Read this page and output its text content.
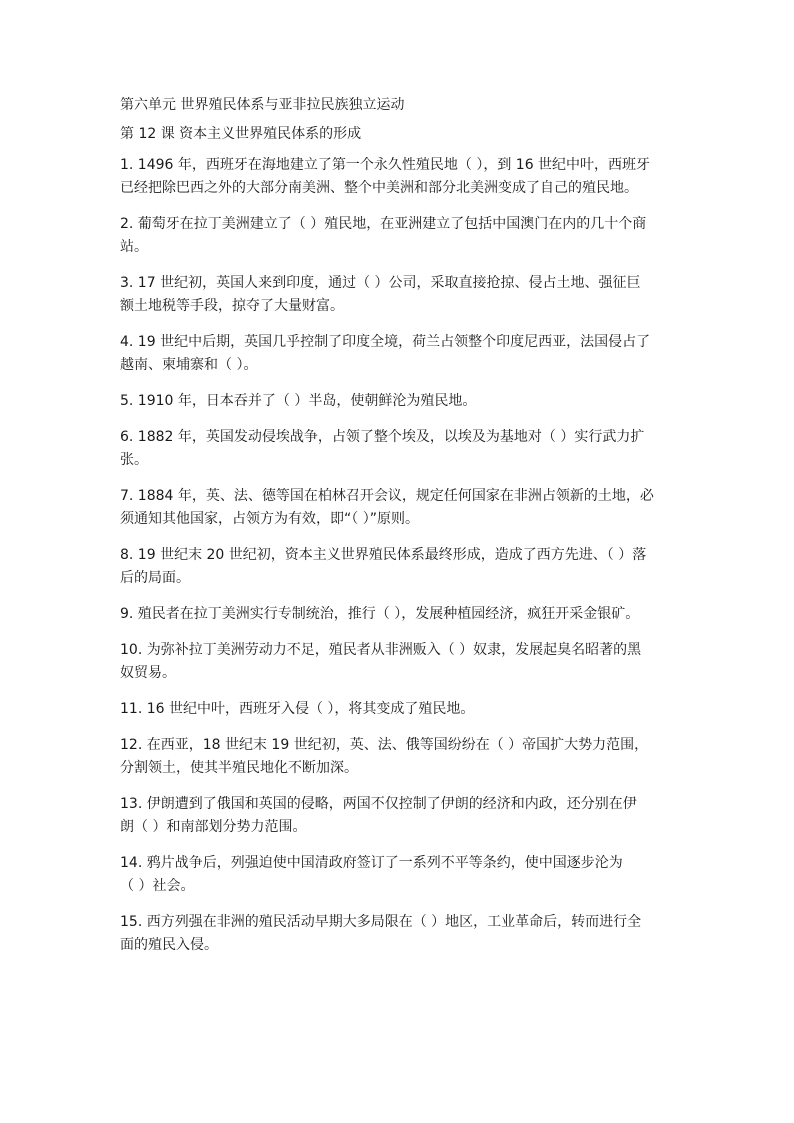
第六单元 世界殖民体系与亚非拉民族独立运动
第 12 课 资本主义世界殖民体系的形成
1. 1496 年，西班牙在海地建立了第一个永久性殖民地（ ），到 16 世纪中叶，西班牙
已经把除巴西之外的大部分南美洲、整个中美洲和部分北美洲变成了自己的殖民地。
2. 葡萄牙在拉丁美洲建立了（ ）殖民地，在亚洲建立了包括中国澳门在内的几十个商
站。
3. 17 世纪初，英国人来到印度，通过（ ）公司，采取直接抢掠、侵占土地、强征巨
额土地税等手段，掠夺了大量财富。
4. 19 世纪中后期，英国几乎控制了印度全境，荷兰占领整个印度尼西亚，法国侵占了
越南、柬埔寨和（ ）。
5. 1910 年，日本吞并了（ ）半岛，使朝鲜沦为殖民地。
6. 1882 年，英国发动侵埃战争，占领了整个埃及，以埃及为基地对（ ）实行武力扩
张。
7. 1884 年，英、法、德等国在柏林召开会议，规定任何国家在非洲占领新的土地，必
须通知其他国家，占领方为有效，即“（ ）”原则。
8. 19 世纪末 20 世纪初，资本主义世界殖民体系最终形成，造成了西方先进、（ ）落
后的局面。
9. 殖民者在拉丁美洲实行专制统治，推行（ ），发展种植园经济，疯狂开采金银矿。
10. 为弥补拉丁美洲劳动力不足，殖民者从非洲贩入（ ）奴隶，发展起臭名昭著的黑
奴贸易。
11. 16 世纪中叶，西班牙入侵（ ），将其变成了殖民地。
12. 在西亚，18 世纪末 19 世纪初，英、法、俄等国纷纷在（ ）帝国扩大势力范围，
分割领土，使其半殖民地化不断加深。
13. 伊朗遭到了俄国和英国的侵略，两国不仅控制了伊朗的经济和内政，还分别在伊
朗（ ）和南部划分势力范围。
14. 鸦片战争后，列强迫使中国清政府签订了一系列不平等条约，使中国逐步沦为
（ ）社会。
15. 西方列强在非洲的殖民活动早期大多局限在（ ）地区，工业革命后，转而进行全
面的殖民入侵。
